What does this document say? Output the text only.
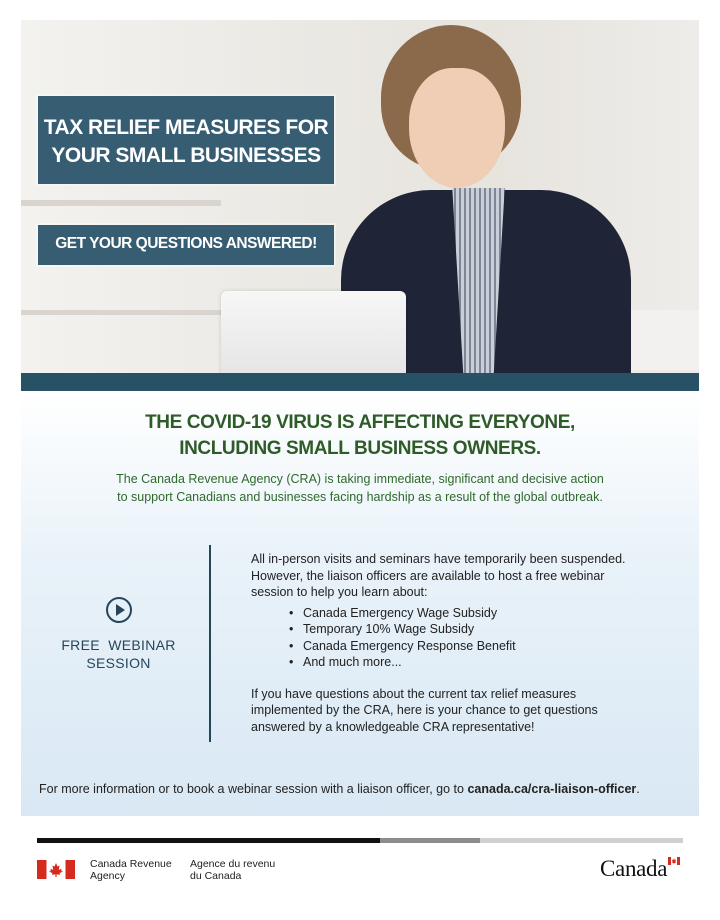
TAX RELIEF MEASURES FOR
YOUR SMALL BUSINESSES
GET YOUR QUESTIONS ANSWERED!
THE COVID-19 VIRUS IS AFFECTING EVERYONE,
INCLUDING SMALL BUSINESS OWNERS.
The Canada Revenue Agency (CRA) is taking immediate, significant and decisive action
to support Canadians and businesses facing hardship as a result of the global outbreak.
FREE  WEBINAR
SESSION

All in-person visits and seminars have temporarily been suspended.

However, the liaison officers are available to host a free webinar

session to help you learn about:

• Canada Emergency Wage Subsidy
• Temporary 10% Wage Subsidy
• Canada Emergency Response Benefit
• And much more...

If you have questions about the current tax relief measures

implemented by the CRA, here is your chance to get questions

answered by a knowledgeable CRA representative!

For more information or to book a webinar session with a liaison officer, go to canada.ca/cra-liaison-officer.
Canada Revenue
Agency
Agence du revenu
du Canada	Canada
